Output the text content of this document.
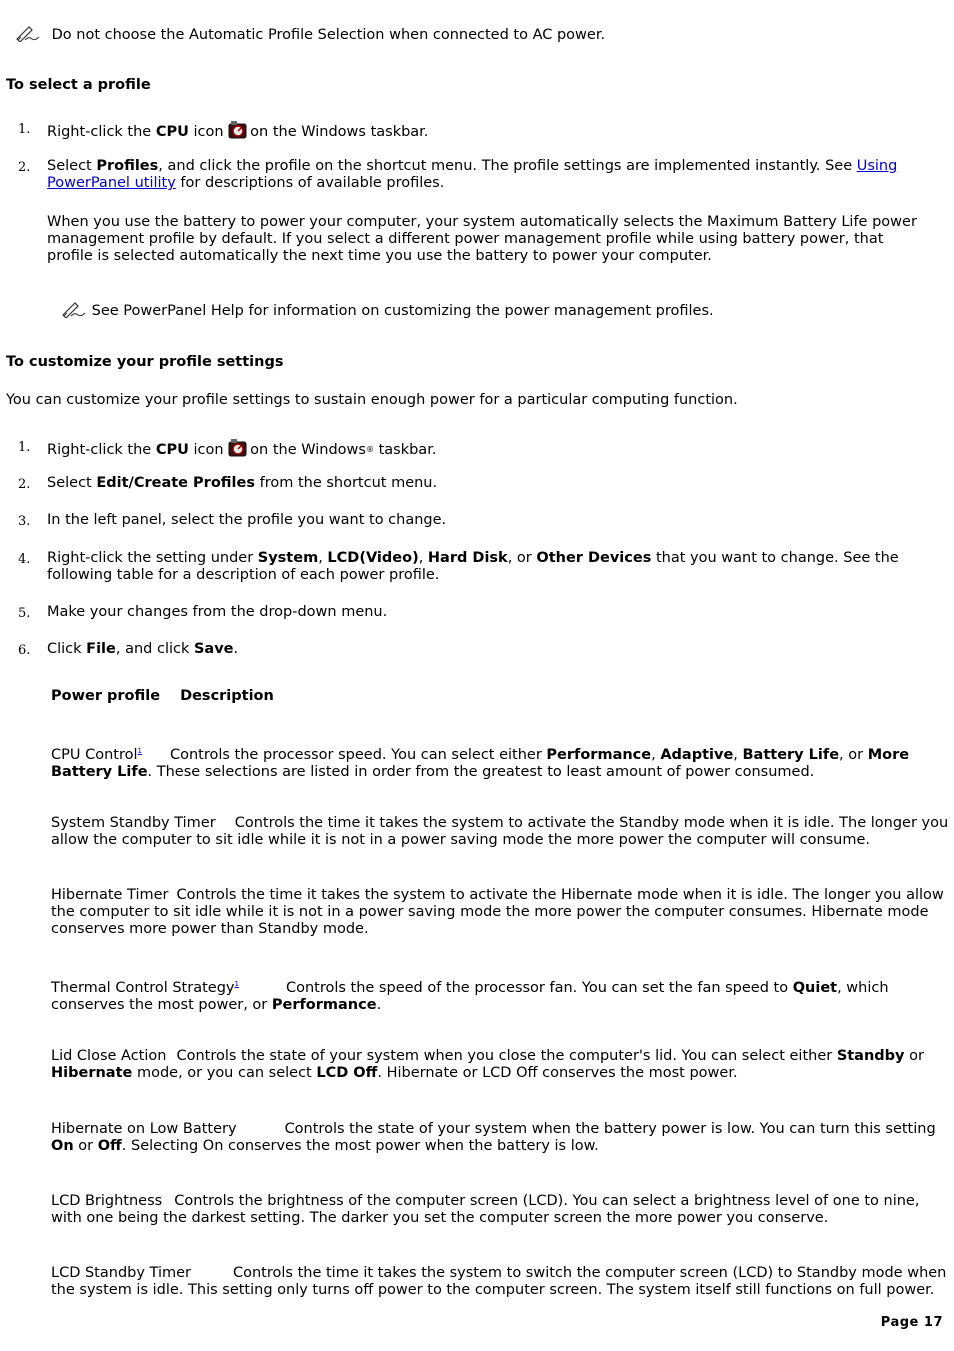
Do not choose the Automatic Profile Selection when connected to AC power.
To select a profile
1. Right-click the CPU icon on the Windows taskbar.
2. Select Profiles, and click the profile on the shortcut menu. The profile settings are implemented instantly. See Using PowerPanel utility for descriptions of available profiles.
When you use the battery to power your computer, your system automatically selects the Maximum Battery Life power management profile by default. If you select a different power management profile while using battery power, that profile is selected automatically the next time you use the battery to power your computer.
See PowerPanel Help for information on customizing the power management profiles.
To customize your profile settings
You can customize your profile settings to sustain enough power for a particular computing function.
1. Right-click the CPU icon on the Windows® taskbar.
2. Select Edit/Create Profiles from the shortcut menu.
3. In the left panel, select the profile you want to change.
4. Right-click the setting under System, LCD(Video), Hard Disk, or Other Devices that you want to change. See the following table for a description of each power profile.
5. Make your changes from the drop-down menu.
6. Click File, and click Save.
Power profile Description
CPU Control$^1$ Controls the processor speed. You can select either Performance, Adaptive, Battery Life, or More Battery Life. These selections are listed in order from the greatest to least amount of power consumed.
System Standby Timer Controls the time it takes the system to activate the Standby mode when it is idle. The longer you allow the computer to sit idle while it is not in a power saving mode the more power the computer will consume.
Hibernate Timer Controls the time it takes the system to activate the Hibernate mode when it is idle. The longer you allow the computer to sit idle while it is not in a power saving mode the more power the computer consumes. Hibernate mode conserves more power than Standby mode.
Thermal Control Strategy$^1$	Controls the speed of the processor fan. You can set the fan speed to Quiet, which conserves the most power, or Performance.
Lid Close Action Controls the state of your system when you close the computer's lid. You can select either Standby or Hibernate mode, or you can select LCD Off. Hibernate or LCD Off conserves the most power.
Hibernate on Low Battery	Controls the state of your system when the battery power is low. You can turn this setting On or Off. Selecting On conserves the most power when the battery is low.
LCD Brightness Controls the brightness of the computer screen (LCD). You can select a brightness level of one to nine, with one being the darkest setting. The darker you set the computer screen the more power you conserve.
LCD Standby Timer	Controls the time it takes the system to switch the computer screen (LCD) to Standby mode when the system is idle. This setting only turns off power to the computer screen. The system itself still functions on full power.
Page 17
